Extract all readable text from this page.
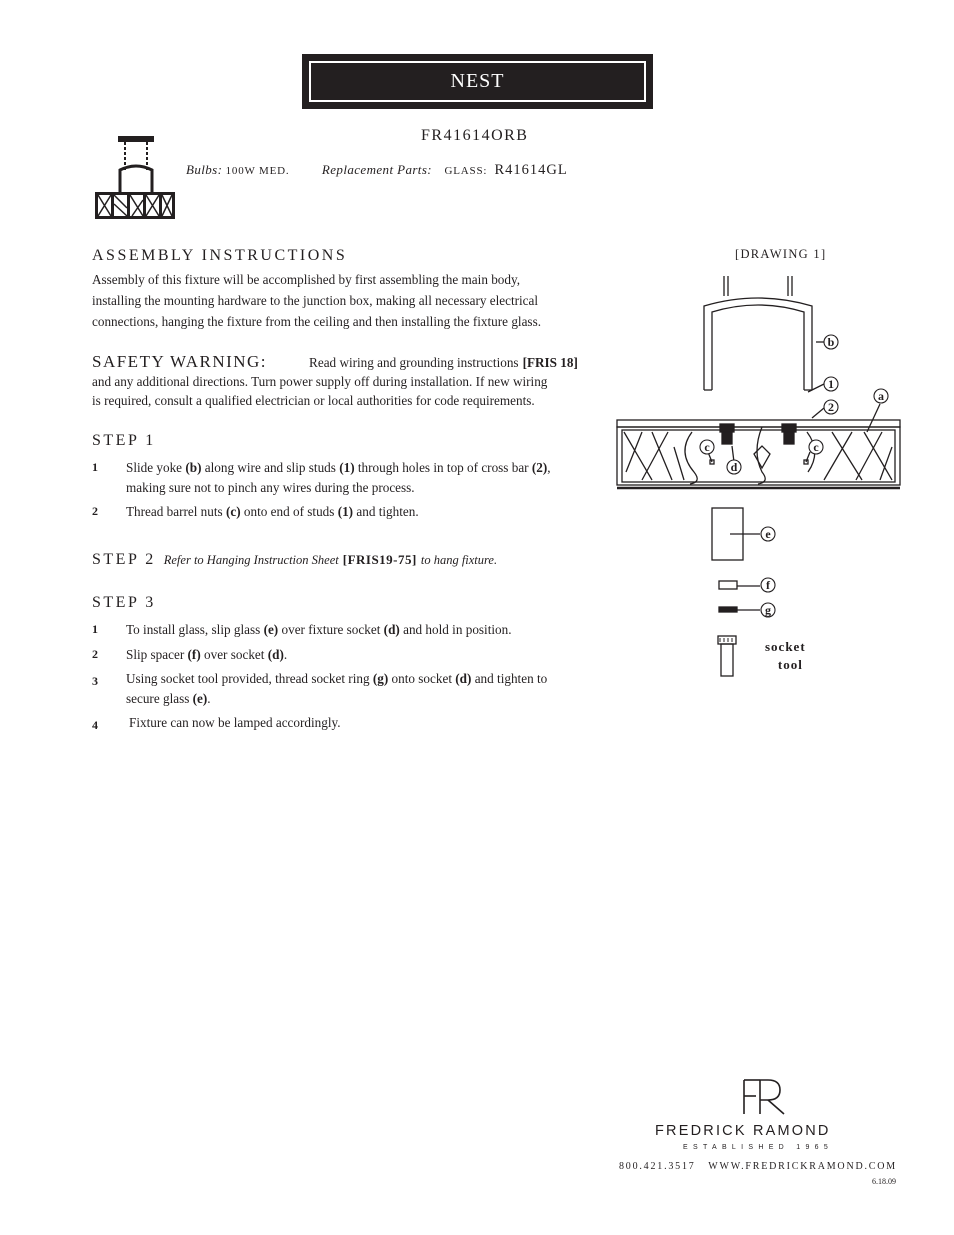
NEST
FR41614ORB
Bulbs: 100W MED.	Replacement Parts: GLASS: R41614GL
ASSEMBLY INSTRUCTIONS
Assembly of this fixture will be accomplished by first assembling the main body,
installing the mounting hardware to the junction box, making all necessary electrical
connections, hanging the fixture from the ceiling and then installing the fixture glass.
SAFETY WARNING:	Read wiring and grounding instructions [FRIS 18]
and any additional directions. Turn power supply off during installation. If new wiring
is required, consult a qualified electrician or local authorities for code requirements.
STEP 1
1 Slide yoke (b) along wire and slip studs (1) through holes in top of cross bar (2),
making sure not to pinch any wires during the process.
2 Thread barrel nuts (c) onto end of studs (1) and tighten.
STEP 2 Refer to Hanging Instruction Sheet [FRIS19-75] to hang fixture.
STEP 3
1 To install glass, slip glass (e) over fixture socket (d) and hold in position.
2 Slip spacer (f) over socket (d).
3 Using socket tool provided, thread socket ring (g) onto socket (d) and tighten to
secure glass (e).
4 Fixture can now be lamped accordingly.
[DRAWING 1]
b
1
2
a
c	c
d
e
f
g
socket
tool
FREDRICK RAMOND
ESTABLISHED 1965
800.421.3517   WWW.FREDRICKRAMOND.COM
6.18.09
